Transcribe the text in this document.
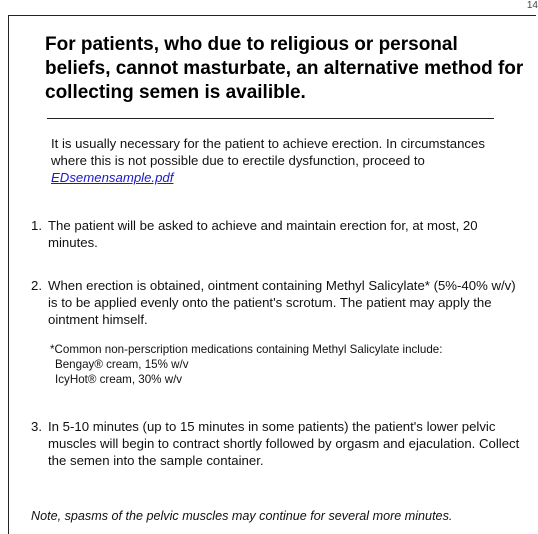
14
For patients, who due to religious or personal beliefs, cannot masturbate, an alternative method for collecting semen is availible.
It is usually necessary for the patient to achieve erection. In circumstances where this is not possible due to erectile dysfunction, proceed to EDsemensample.pdf
1. The patient will be asked to achieve and maintain erection for, at most, 20 minutes.
2. When erection is obtained, ointment containing Methyl Salicylate* (5%-40% w/v) is to be applied evenly onto the patient's scrotum. The patient may apply the ointment himself.
*Common non-perscription medications containing Methyl Salicylate include:
Bengay® cream, 15% w/v
IcyHot® cream, 30% w/v
3. In 5-10 minutes (up to 15 minutes in some patients) the patient's lower pelvic muscles will begin to contract shortly followed by orgasm and ejaculation. Collect the semen into the sample container.
Note, spasms of the pelvic muscles may continue for several more minutes.
